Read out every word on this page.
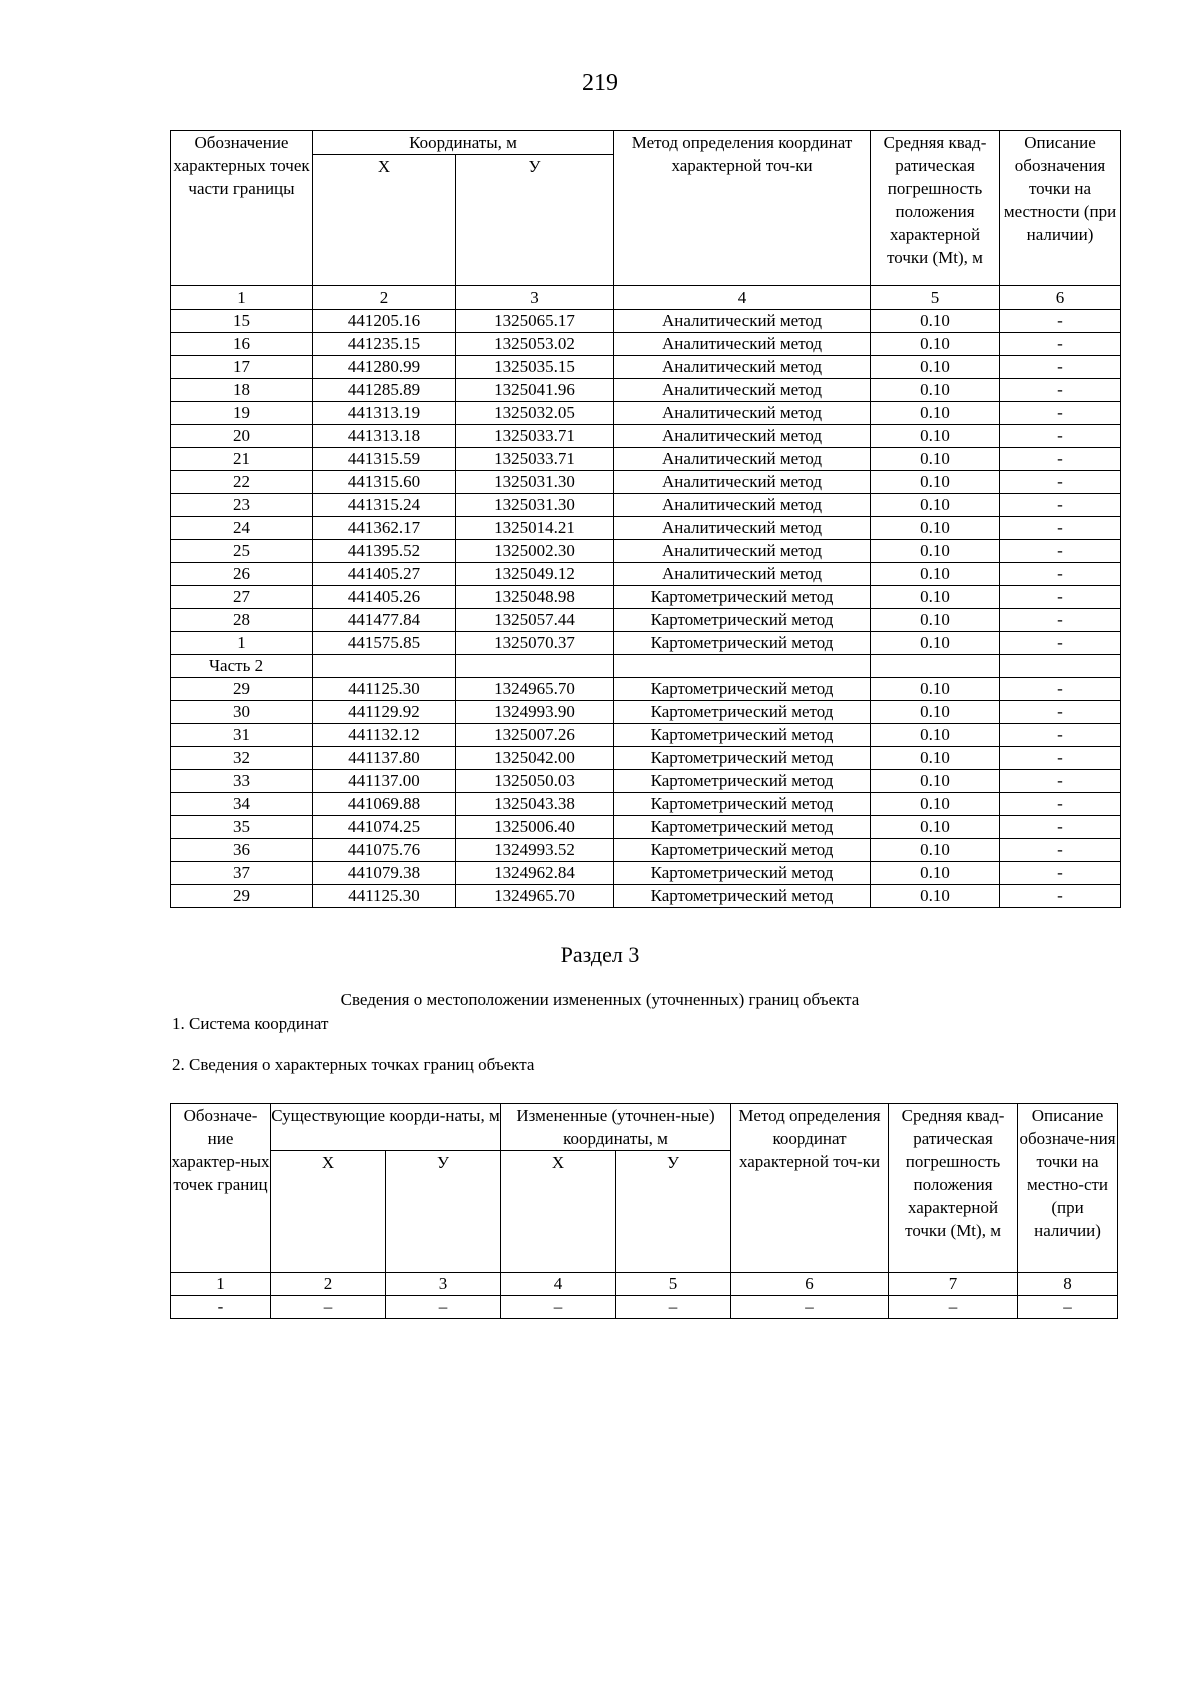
219
Обозначение характерных точек части границы	Координаты, м		Метод определения координат характерной точ-ки	Средняя квад-ратическая погрешность положения характерной точки (Mt), м	Описание обозначения точки на местности (при наличии)
	X	У			
1	2	3	4	5	6
15	441205.16	1325065.17	Аналитический метод	0.10	-
16	441235.15	1325053.02	Аналитический метод	0.10	-
17	441280.99	1325035.15	Аналитический метод	0.10	-
18	441285.89	1325041.96	Аналитический метод	0.10	-
19	441313.19	1325032.05	Аналитический метод	0.10	-
20	441313.18	1325033.71	Аналитический метод	0.10	-
21	441315.59	1325033.71	Аналитический метод	0.10	-
22	441315.60	1325031.30	Аналитический метод	0.10	-
23	441315.24	1325031.30	Аналитический метод	0.10	-
24	441362.17	1325014.21	Аналитический метод	0.10	-
25	441395.52	1325002.30	Аналитический метод	0.10	-
26	441405.27	1325049.12	Аналитический метод	0.10	-
27	441405.26	1325048.98	Картометрический метод	0.10	-
28	441477.84	1325057.44	Картометрический метод	0.10	-
1	441575.85	1325070.37	Картометрический метод	0.10	-
Часть 2					
29	441125.30	1324965.70	Картометрический метод	0.10	-
30	441129.92	1324993.90	Картометрический метод	0.10	-
31	441132.12	1325007.26	Картометрический метод	0.10	-
32	441137.80	1325042.00	Картометрический метод	0.10	-
33	441137.00	1325050.03	Картометрический метод	0.10	-
34	441069.88	1325043.38	Картометрический метод	0.10	-
35	441074.25	1325006.40	Картометрический метод	0.10	-
36	441075.76	1324993.52	Картометрический метод	0.10	-
37	441079.38	1324962.84	Картометрический метод	0.10	-
29	441125.30	1324965.70	Картометрический метод	0.10	-
Раздел 3
Сведения о местоположении измененных (уточненных) границ объекта
1. Система координат
2. Сведения о характерных точках границ объекта
Обозначе-ние характер-ных точек границ	Существующие коорди-наты, м		Измененные (уточнен-ные) координаты, м		Метод определения координат характерной точ-ки	Средняя квад-ратическая погрешность положения характерной точки (Mt), м	Описание обозначе-ния точки на местно-сти (при наличии)
	X	У	X	У			
1	2	3	4	5	6	7	8
-	–	–	–	–	–	–	–
